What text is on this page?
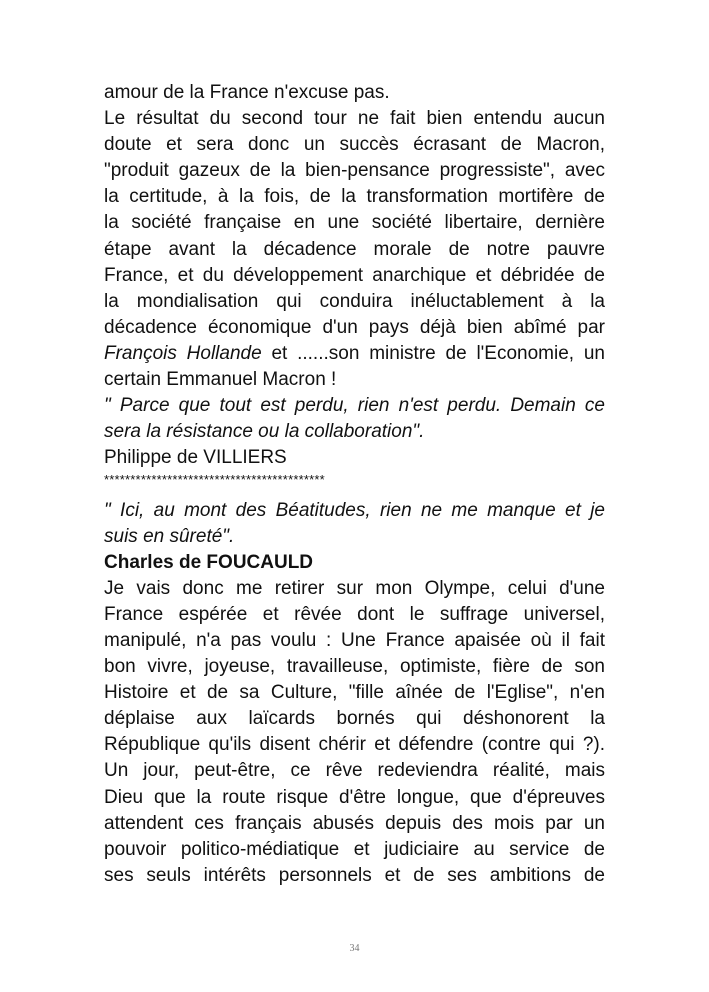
amour de la France n'excuse pas.
Le résultat du second tour ne fait bien entendu aucun
doute et sera donc un succès écrasant de Macron,
"produit gazeux de la bien-pensance progressiste", avec
la certitude, à la fois, de la transformation mortifère de
la société française en une société libertaire, dernière
étape avant la décadence morale de notre pauvre
France, et du développement anarchique et débridée de
la mondialisation qui conduira inéluctablement à la
décadence économique d'un pays déjà bien abîmé par
François Hollande et ......son ministre de l'Economie, un
certain Emmanuel Macron !
" Parce que tout est perdu, rien n'est perdu. Demain ce
sera la résistance ou la collaboration".
Philippe de VILLIERS
******************************************
" Ici, au mont des Béatitudes, rien ne me manque et je
suis en sûreté".
Charles de FOUCAULD
Je vais donc me retirer sur mon Olympe, celui d'une
France espérée et rêvée dont le suffrage universel,
manipulé, n'a pas voulu : Une France apaisée où il fait
bon vivre, joyeuse, travailleuse, optimiste, fière de son
Histoire et de sa Culture, "fille aînée de l'Eglise", n'en
déplaise aux laïcards bornés qui déshonorent la
République qu'ils disent chérir et défendre (contre qui ?).
Un jour, peut-être, ce rêve redeviendra réalité, mais
Dieu que la route risque d'être longue, que d'épreuves
attendent ces français abusés depuis des mois par un
pouvoir politico-médiatique et judiciaire au service de
ses seuls intérêts personnels et de ses ambitions de
34
